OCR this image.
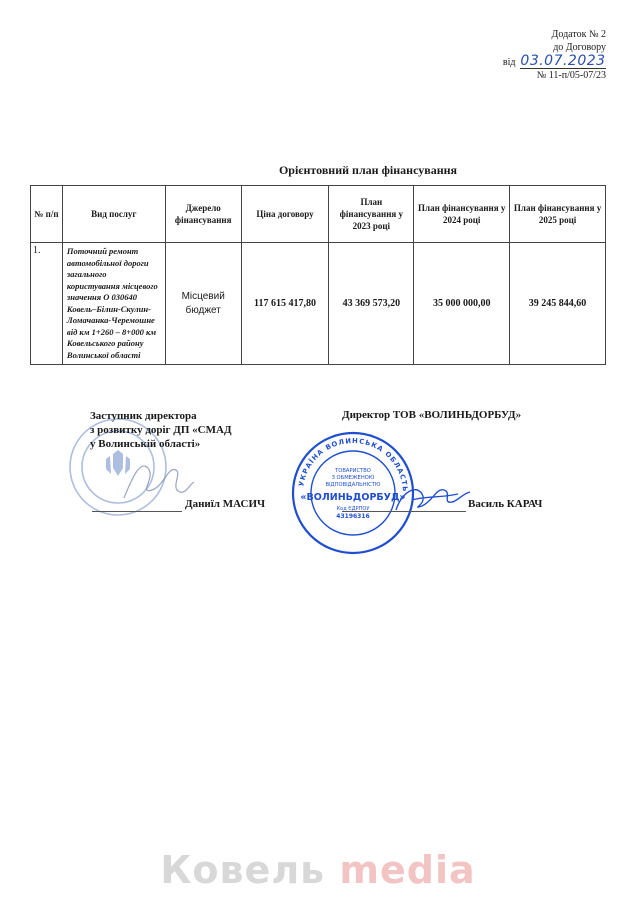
Додаток № 2
до Договору
від 03.07.2023
№ 11-п/05-07/23
Орієнтовний план фінансування
№ п/п	Вид послуг	Джерело фінансування	Ціна договору	План фінансування у 2023 році	План фінансування у 2024 році	План фінансування у 2025 році
1.	Поточний ремонт автомобільної дороги загального користування місцевого значення О 030640 Ковель–Білин-Скулин-Ломачанка-Черемошне від км 1+260 – 8+000 км Ковельського району Волинської області	Місцевий бюджет	117 615 417,80	43 369 573,20	35 000 000,00	39 245 844,60
УКРАЇНА ВОЛИНСЬКА ОБЛАСТЬ
ТОВАРИСТВО
З ОБМЕЖЕНОЮ
ВІДПОВІДАЛЬНІСТЮ
«ВОЛИНЬДОРБУД»
Код ЄДРПОУ
43196316
Заступник директора
з розвитку доріг ДП «СМАД
у Волинській області»
Даниїл МАСИЧ
Директор ТОВ «ВОЛИНЬДОРБУД»
Василь КАРАЧ
Ковель media
